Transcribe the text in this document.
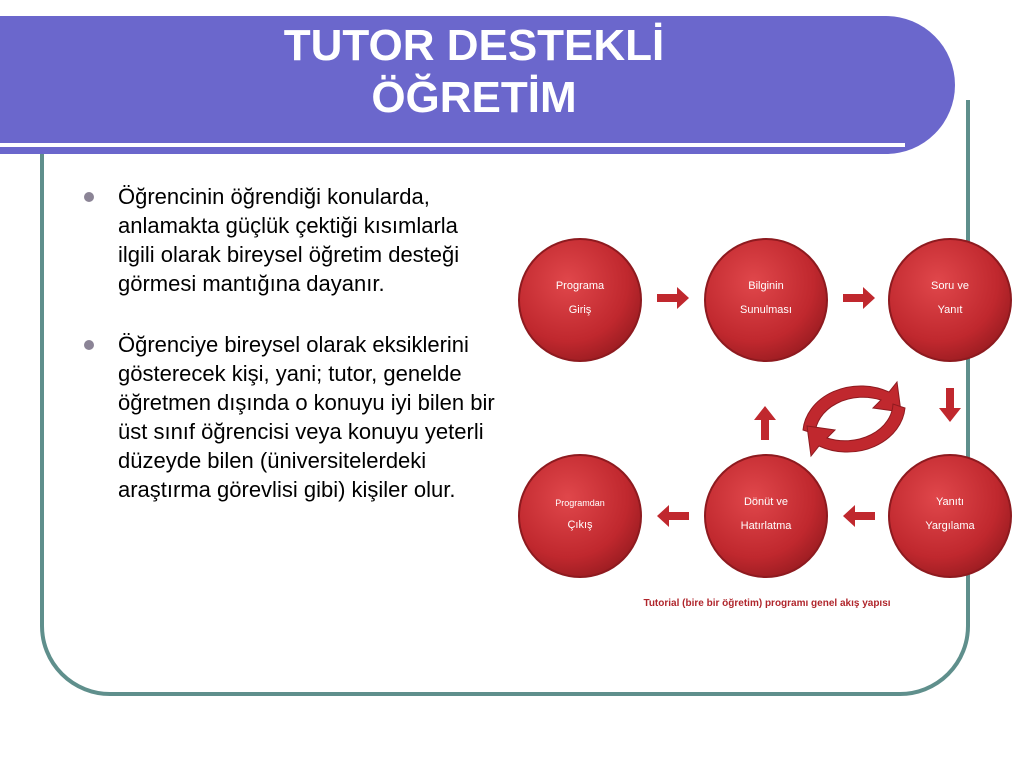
TUTOR DESTEKLİ
ÖĞRETİM
Öğrencinin öğrendiği konularda, anlamakta güçlük çektiği kısımlarla ilgili olarak bireysel öğretim desteği görmesi mantığına dayanır.
Öğrenciye bireysel olarak eksiklerini gösterecek kişi, yani; tutor, genelde öğretmen dışında o konuyu iyi bilen bir üst sınıf öğrencisi veya konuyu yeterli düzeyde bilen (üniversitelerdeki araştırma görevlisi gibi) kişiler olur.
Programa
Giriş
Bilginin
Sunulması
Soru ve
Yanıt
Yanıtı
Yargılama
Dönüt ve
Hatırlatma
Programdan
Çıkış
Tutorial (bire bir öğretim) programı genel akış yapısı
